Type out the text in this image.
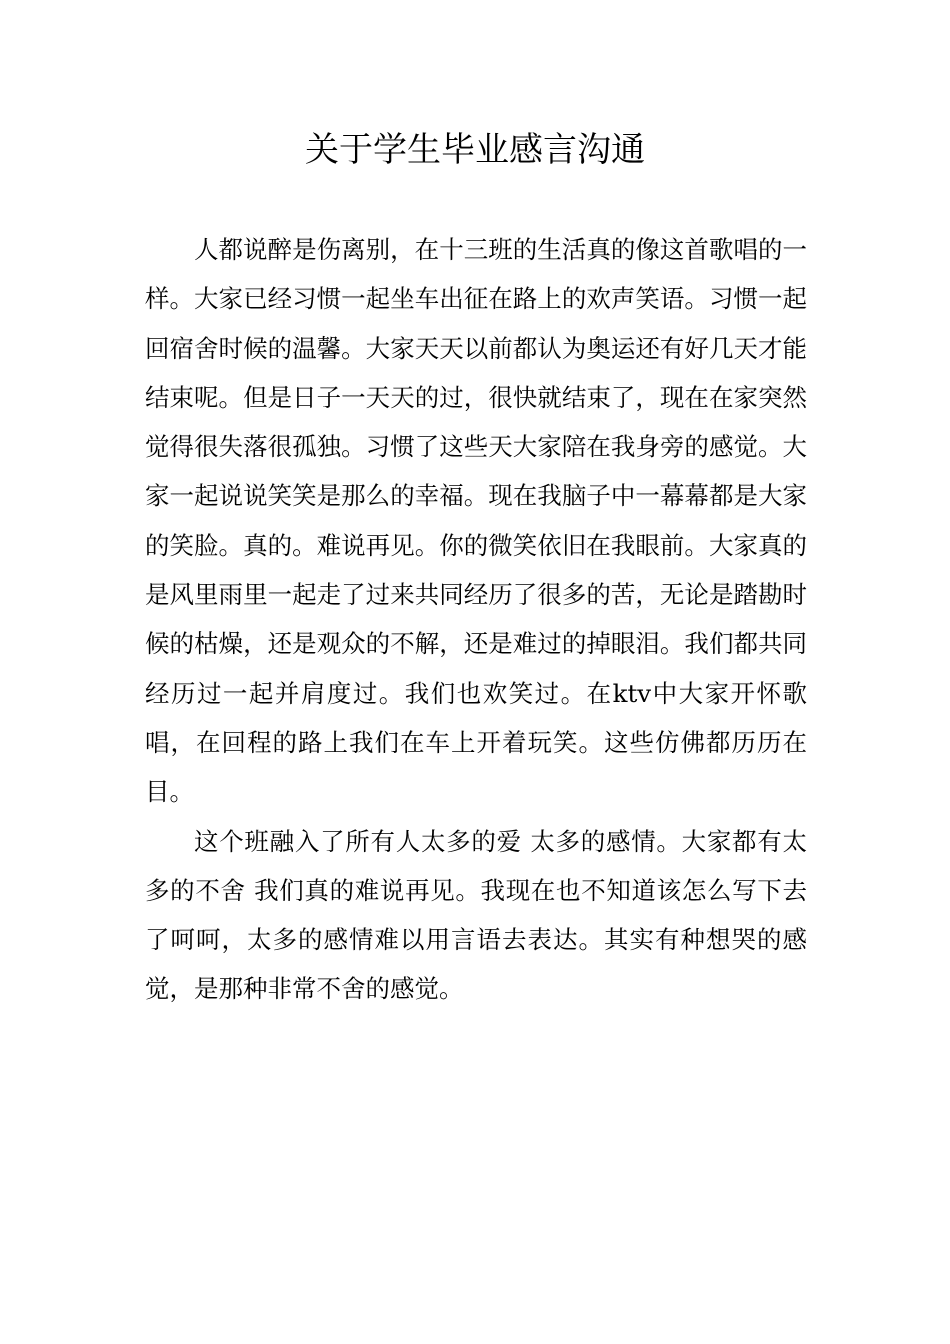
关于学生毕业感言沟通

人都说醉是伤离别，在十三班的生活真的像这首歌唱的一样。大家已经习惯一起坐车出征在路上的欢声笑语。习惯一起回宿舍时候的温馨。大家天天以前都认为奥运还有好几天才能结束呢。但是日子一天天的过，很快就结束了，现在在家突然觉得很失落很孤独。习惯了这些天大家陪在我身旁的感觉。大家一起说说笑笑是那么的幸福。现在我脑子中一幕幕都是大家的笑脸。真的。难说再见。你的微笑依旧在我眼前。大家真的是风里雨里一起走了过来共同经历了很多的苦，无论是踏勘时候的枯燥，还是观众的不解，还是难过的掉眼泪。我们都共同经历过一起并肩度过。我们也欢笑过。在ktv中大家开怀歌唱，在回程的路上我们在车上开着玩笑。这些仿佛都历历在目。

这个班融入了所有人太多的爱 太多的感情。大家都有太多的不舍 我们真的难说再见。我现在也不知道该怎么写下去了呵呵，太多的感情难以用言语去表达。其实有种想哭的感觉，是那种非常不舍的感觉。
